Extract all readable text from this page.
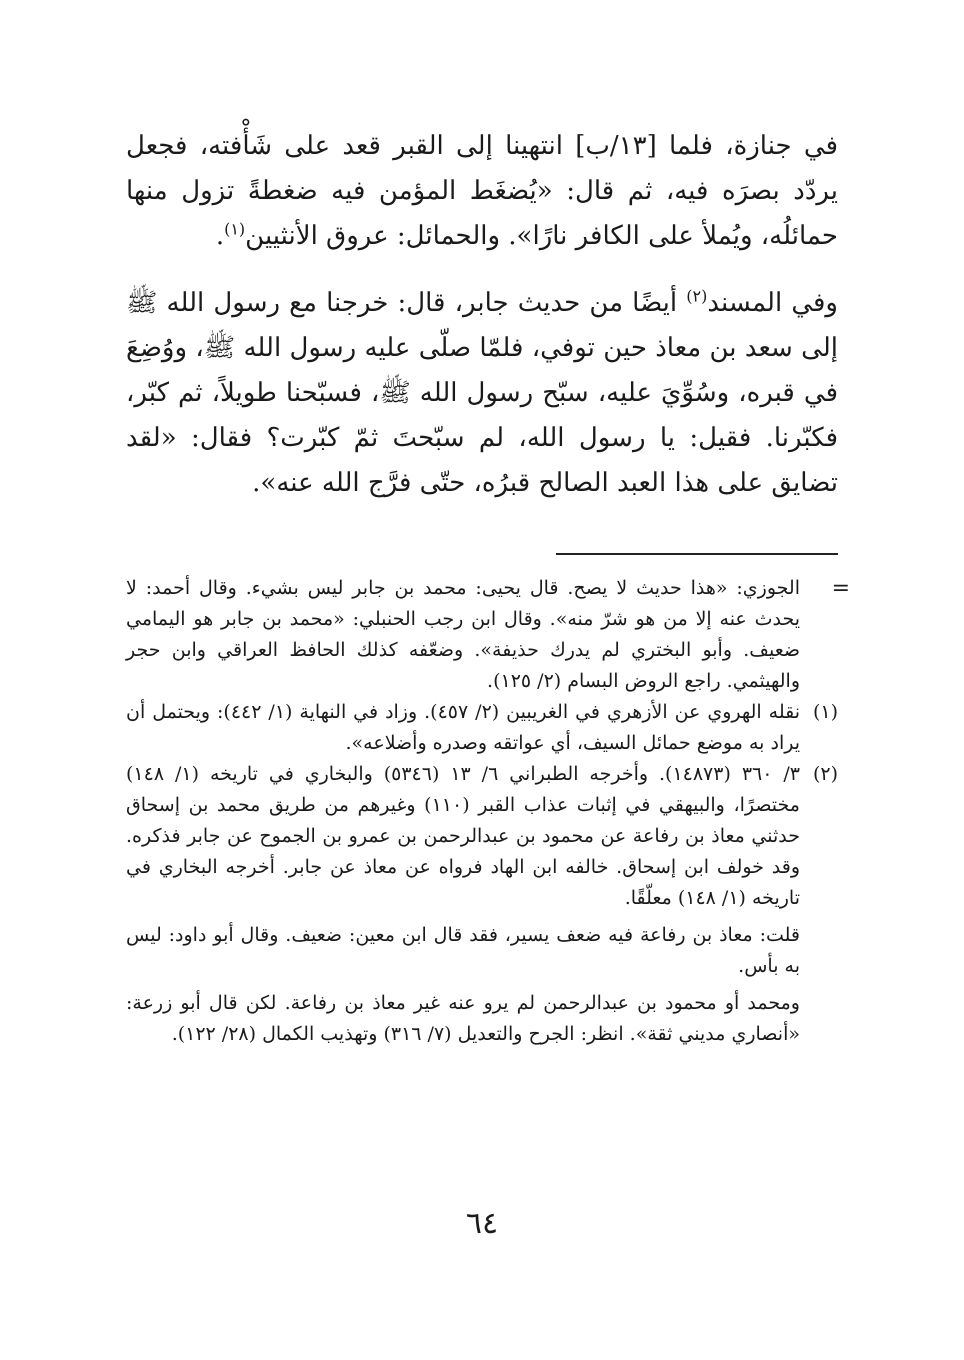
في جنازة، فلما [١٣/ب] انتهينا إلى القبر قعد على شَأْفته، فجعل يردّد بصرَه فيه، ثم قال: «يُضغَط المؤمن فيه ضغطةً تزول منها حمائلُه، ويُملأ على الكافر نارًا». والحمائل: عروق الأنثيين$^{(١)}$.

وفي المسند$^{(٢)}$ أيضًا من حديث جابر، قال: خرجنا مع رسول الله ﷺ إلى سعد بن معاذ حين توفي، فلمّا صلّى عليه رسول الله ﷺ، ووُضِعَ في قبره، وسُوِّيَ عليه، سبّح رسول الله ﷺ، فسبّحنا طويلاً، ثم كبّر، فكبّرنا. فقيل: يا رسول الله، لم سبّحتَ ثمّ كبّرت؟ فقال: «لقد تضايق على هذا العبد الصالح قبرُه، حتّى فرَّج الله عنه».

=
الجوزي: «هذا حديث لا يصح. قال يحيى: محمد بن جابر ليس بشيء. وقال أحمد: لا يحدث عنه إلا من هو شرّ منه». وقال ابن رجب الحنبلي: «محمد بن جابر هو اليمامي ضعيف. وأبو البختري لم يدرك حذيفة». وضعّفه كذلك الحافظ العراقي وابن حجر والهيثمي. راجع الروض البسام (٢/ ١٢٥).
(١)
نقله الهروي عن الأزهري في الغريبين (٢/ ٤٥٧). وزاد في النهاية (١/ ٤٤٢): ويحتمل أن يراد به موضع حمائل السيف، أي عواتقه وصدره وأضلاعه».
(٢)
٣/ ٣٦٠ (١٤٨٧٣). وأخرجه الطبراني ٦/ ١٣ (٥٣٤٦) والبخاري في تاريخه (١/ ١٤٨) مختصرًا، والبيهقي في إثبات عذاب القبر (١١٠) وغيرهم من طريق محمد بن إسحاق حدثني معاذ بن رفاعة عن محمود بن عبدالرحمن بن عمرو بن الجموح عن جابر فذكره. وقد خولف ابن إسحاق. خالفه ابن الهاد فرواه عن معاذ عن جابر. أخرجه البخاري في تاريخه (١/ ١٤٨) معلّقًا.

قلت: معاذ بن رفاعة فيه ضعف يسير، فقد قال ابن معين: ضعيف. وقال أبو داود: ليس به بأس.

ومحمد أو محمود بن عبدالرحمن لم يرو عنه غير معاذ بن رفاعة. لكن قال أبو زرعة: «أنصاري مديني ثقة». انظر: الجرح والتعديل (٧/ ٣١٦) وتهذيب الكمال (٢٨/ ١٢٢).

٦٤
